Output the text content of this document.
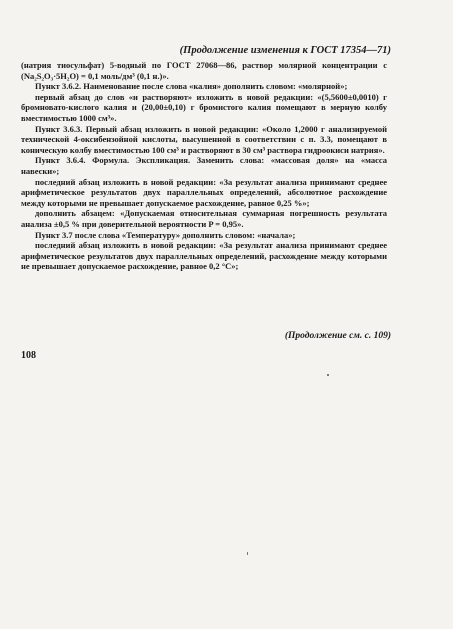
(Продолжение изменения к ГОСТ 17354—71)

(натрия тиосульфат) 5-водный по ГОСТ 27068—86, раствор молярной концентрации с (Na₂S₂O₃·5H₂O) = 0,1 моль/дм³ (0,1 н.)».

Пункт 3.6.2. Наименование после слова «калия» дополнить словом: «молярной»;

первый абзац до слов «и растворяют» изложить в новой редакции: «(5,5600±0,0010) г бромновато-кислого калия и (20,00±0,10) г бромистого калия помещают в мерную колбу вместимостью 1000 см³».

Пункт 3.6.3. Первый абзац изложить в новой редакции: «Около 1,2000 г анализируемой технической 4-оксибензойной кислоты, высушенной в соответствии с п. 3.3, помещают в коническую колбу вместимостью 100 см³ и растворяют в 30 см³ раствора гидроокиси натрия».

Пункт 3.6.4. Формула. Экспликация. Заменить слова: «массовая доля» на «масса навески»;

последний абзац изложить в новой редакции: «За результат анализа принимают среднее арифметическое результатов двух параллельных определений, абсолютное расхождение между которыми не превышает допускаемое расхождение, равное 0,25 %»;

дополнить абзацем: «Допускаемая относительная суммарная погрешность результата анализа ±0,5 % при доверительной вероятности P = 0,95».

Пункт 3.7 после слова «Температуру» дополнить словом: «начала»;

последний абзац изложить в новой редакции: «За результат анализа принимают среднее арифметическое результатов двух параллельных определений, расхождение между которыми не превышает допускаемое расхождение, равное 0,2 °С»;

(Продолжение см. с. 109)
108
